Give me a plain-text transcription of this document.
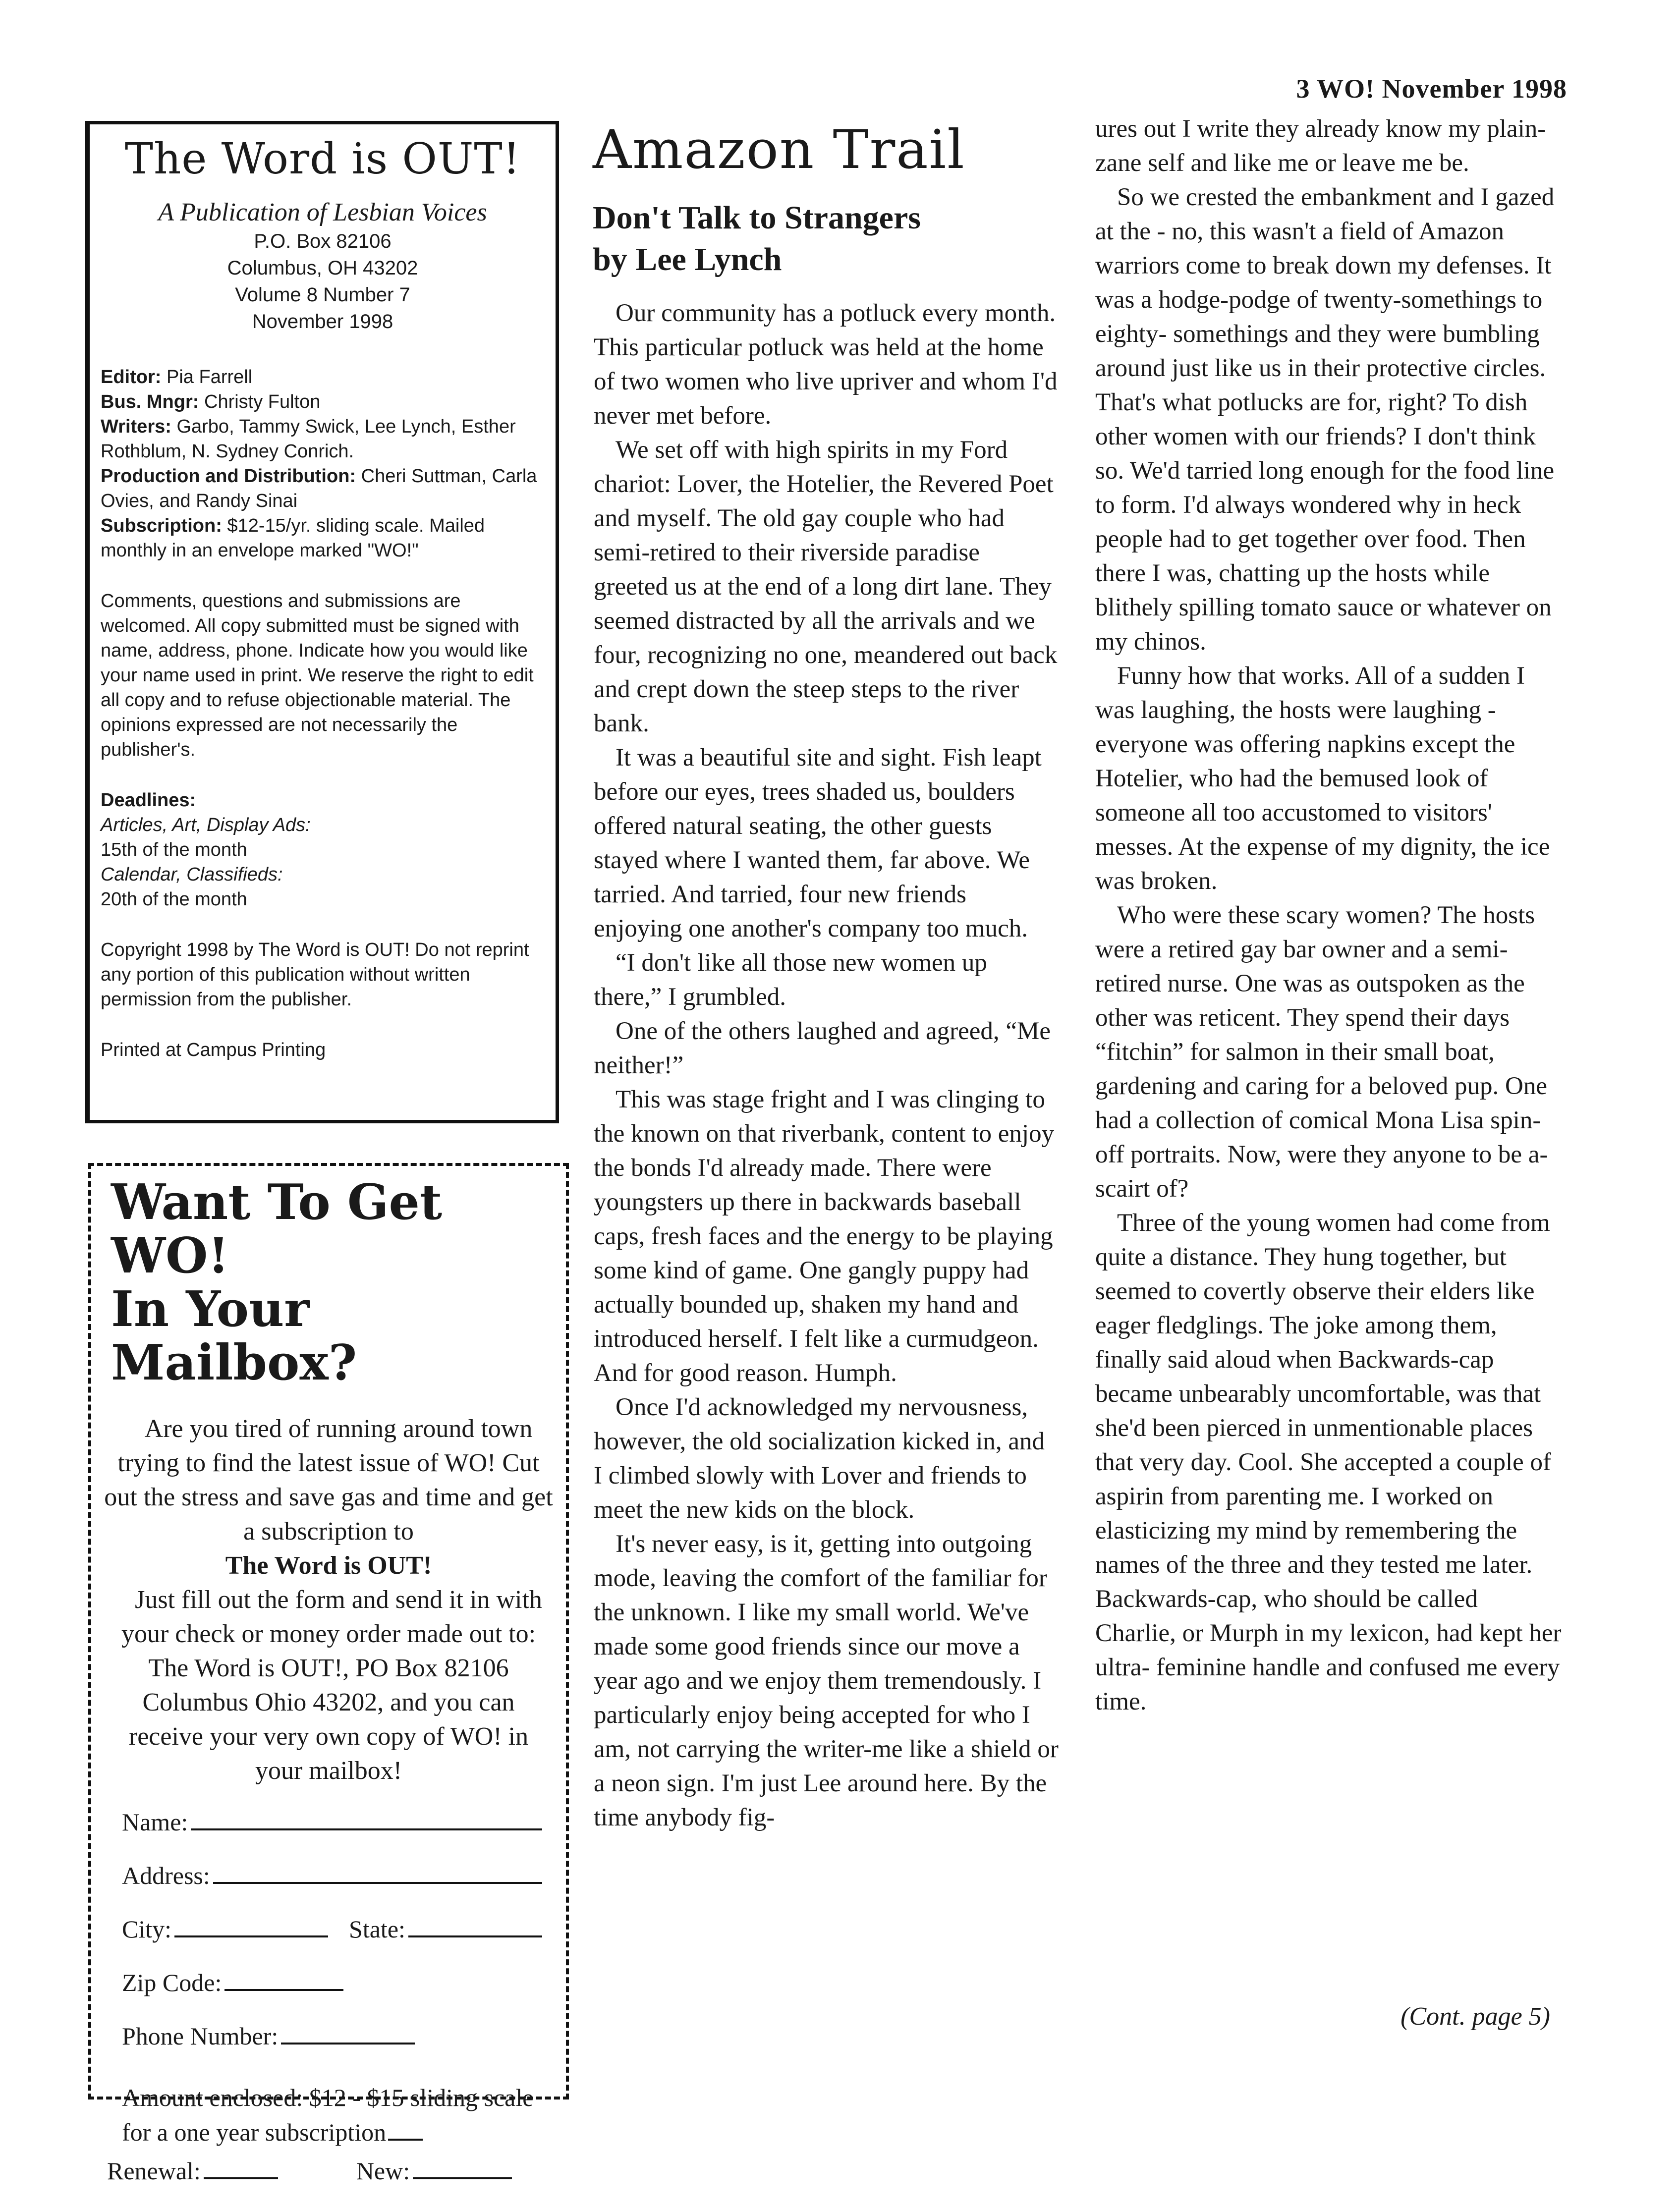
3 WO! November 1998
The Word is OUT!
A Publication of Lesbian Voices
P.O. Box 82106
Columbus, OH 43202
Volume 8 Number 7
November 1998
Editor: Pia Farrell
Bus. Mngr: Christy Fulton
Writers: Garbo, Tammy Swick, Lee Lynch, Esther Rothblum, N. Sydney Conrich.
Production and Distribution: Cheri Suttman, Carla Ovies, and Randy Sinai
Subscription: $12-15/yr. sliding scale. Mailed monthly in an envelope marked "WO!"
Comments, questions and submissions are welcomed. All copy submitted must be signed with name, address, phone. Indicate how you would like your name used in print. We reserve the right to edit all copy and to refuse objectionable material. The opinions expressed are not necessarily the publisher's.
Deadlines:
Articles, Art, Display Ads:
15th of the month
Calendar, Classifieds:
20th of the month
Copyright 1998 by The Word is OUT! Do not reprint any portion of this publication without written permission from the publisher.
Printed at Campus Printing
Want To Get WO!
In Your Mailbox?

Are you tired of running around town trying to find the latest issue of WO! Cut out the stress and save gas and time and get a subscription to

The Word is OUT!

Just fill out the form and send it in with your check or money order made out to: The Word is OUT!, PO Box 82106 Columbus Ohio 43202, and you can receive your very own copy of WO! in your mailbox!

Name:
Address:
City:	State:
Zip Code:
Phone Number:
Amount enclosed: $12 - $15 sliding scale for a one year subscription
Renewal:	New:
Amazon Trail
Don't Talk to Strangers
by Lee Lynch

Our community has a potluck every month. This particular potluck was held at the home of two women who live upriver and whom I'd never met before.

We set off with high spirits in my Ford chariot: Lover, the Hotelier, the Revered Poet and myself. The old gay couple who had semi-retired to their riverside paradise greeted us at the end of a long dirt lane. They seemed distracted by all the arrivals and we four, recognizing no one, meandered out back and crept down the steep steps to the river bank.

It was a beautiful site and sight. Fish leapt before our eyes, trees shaded us, boulders offered natural seating, the other guests stayed where I wanted them, far above. We tarried. And tarried, four new friends enjoying one another's company too much.

“I don't like all those new women up there,” I grumbled.

One of the others laughed and agreed, “Me neither!”

This was stage fright and I was clinging to the known on that riverbank, content to enjoy the bonds I'd already made. There were youngsters up there in backwards baseball caps, fresh faces and the energy to be playing some kind of game. One gangly puppy had actually bounded up, shaken my hand and introduced herself. I felt like a curmudgeon. And for good reason. Humph.

Once I'd acknowledged my nervousness, however, the old socialization kicked in, and I climbed slowly with Lover and friends to meet the new kids on the block.

It's never easy, is it, getting into outgoing mode, leaving the comfort of the familiar for the unknown. I like my small world. We've made some good friends since our move a year ago and we enjoy them tremendously. I particularly enjoy being accepted for who I am, not carrying the writer-me like a shield or a neon sign. I'm just Lee around here. By the time anybody fig-

ures out I write they already know my plain-zane self and like me or leave me be.

So we crested the embankment and I gazed at the - no, this wasn't a field of Amazon warriors come to break down my defenses. It was a hodge-podge of twenty-somethings to eighty- somethings and they were bumbling around just like us in their protective circles. That's what potlucks are for, right? To dish other women with our friends? I don't think so. We'd tarried long enough for the food line to form. I'd always wondered why in heck people had to get together over food. Then there I was, chatting up the hosts while blithely spilling tomato sauce or whatever on my chinos.

Funny how that works. All of a sudden I was laughing, the hosts were laughing - everyone was offering napkins except the Hotelier, who had the bemused look of someone all too accustomed to visitors' messes. At the expense of my dignity, the ice was broken.

Who were these scary women? The hosts were a retired gay bar owner and a semi-retired nurse. One was as outspoken as the other was reticent. They spend their days “fitchin” for salmon in their small boat, gardening and caring for a beloved pup. One had a collection of comical Mona Lisa spin-off portraits. Now, were they anyone to be a-scairt of?

Three of the young women had come from quite a distance. They hung together, but seemed to covertly observe their elders like eager fledglings. The joke among them, finally said aloud when Backwards-cap became unbearably uncomfortable, was that she'd been pierced in unmentionable places that very day. Cool. She accepted a couple of aspirin from parenting me. I worked on elasticizing my mind by remembering the names of the three and they tested me later. Backwards-cap, who should be called Charlie, or Murph in my lexicon, had kept her ultra- feminine handle and confused me every time.

(Cont. page 5)
